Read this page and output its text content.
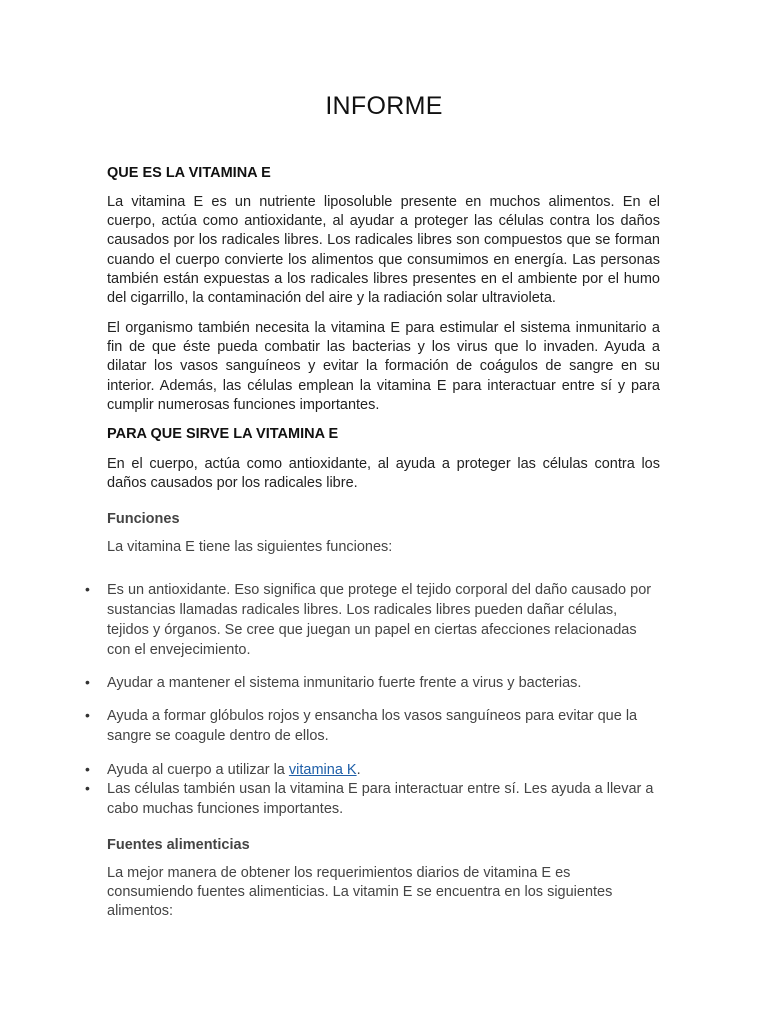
INFORME
QUE ES LA VITAMINA E
La vitamina E es un nutriente liposoluble presente en muchos alimentos. En el cuerpo, actúa como antioxidante, al ayudar a proteger las células contra los daños causados por los radicales libres. Los radicales libres son compuestos que se forman cuando el cuerpo convierte los alimentos que consumimos en energía. Las personas también están expuestas a los radicales libres presentes en el ambiente por el humo del cigarrillo, la contaminación del aire y la radiación solar ultravioleta.
El organismo también necesita la vitamina E para estimular el sistema inmunitario a fin de que éste pueda combatir las bacterias y los virus que lo invaden. Ayuda a dilatar los vasos sanguíneos y evitar la formación de coágulos de sangre en su interior. Además, las células emplean la vitamina E para interactuar entre sí y para cumplir numerosas funciones importantes.
PARA QUE SIRVE LA VITAMINA E
En el cuerpo, actúa como antioxidante, al ayuda a proteger las células contra los daños causados por los radicales libre.
Funciones
La vitamina E tiene las siguientes funciones:
• Es un antioxidante. Eso significa que protege el tejido corporal del daño causado por sustancias llamadas radicales libres. Los radicales libres pueden dañar células, tejidos y órganos. Se cree que juegan un papel en ciertas afecciones relacionadas con el envejecimiento.
• Ayudar a mantener el sistema inmunitario fuerte frente a virus y bacterias.
• Ayuda a formar glóbulos rojos y ensancha los vasos sanguíneos para evitar que la sangre se coagule dentro de ellos.
• Ayuda al cuerpo a utilizar la vitamina K.
• Las células también usan la vitamina E para interactuar entre sí. Les ayuda a llevar a cabo muchas funciones importantes.
Fuentes alimenticias
La mejor manera de obtener los requerimientos diarios de vitamina E es consumiendo fuentes alimenticias. La vitamin E se encuentra en los siguientes alimentos:
